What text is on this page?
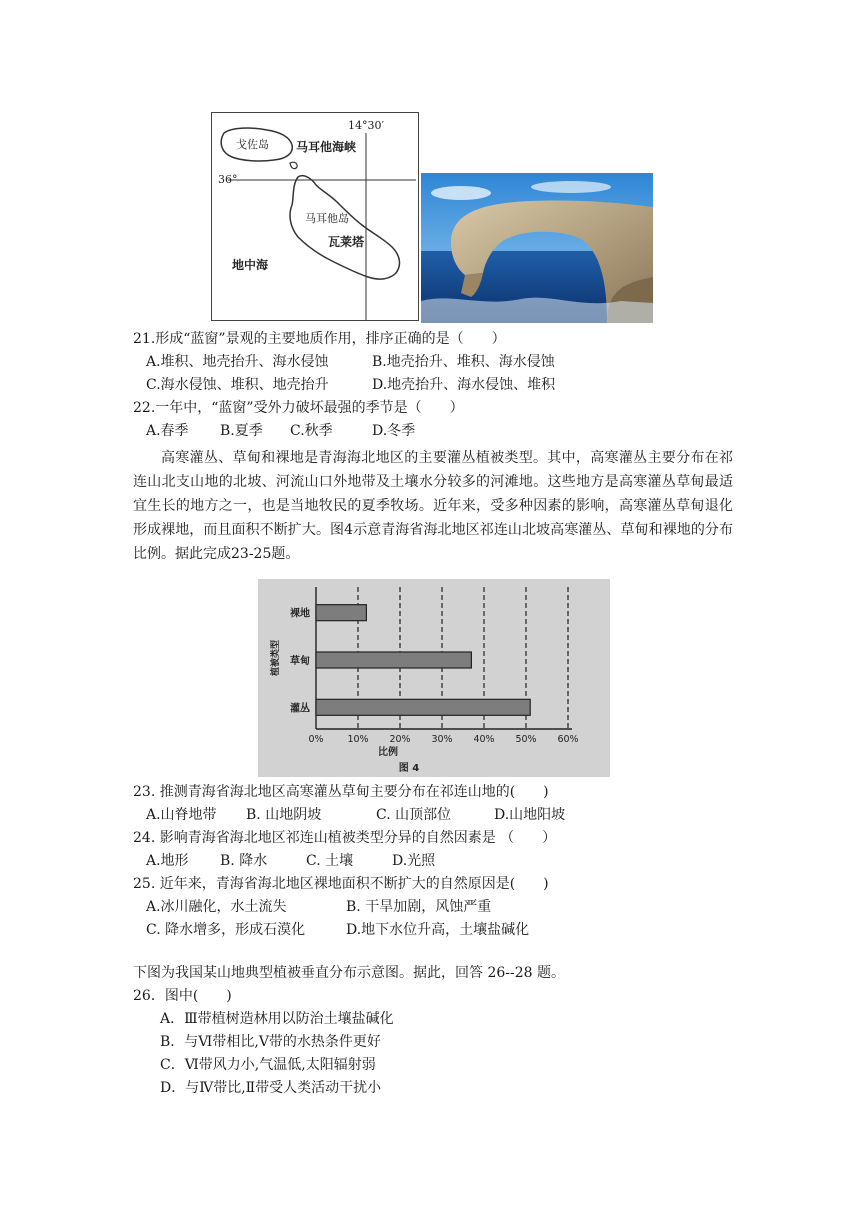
14°30′
36°
戈佐岛 马耳他海峡
马耳他岛
瓦莱塔
地中海
21.形成“蓝窗”景观的主要地质作用，排序正确的是（　　）
A.堆积、地壳抬升、海水侵蚀	B.地壳抬升、堆积、海水侵蚀
C.海水侵蚀、堆积、地壳抬升	D.地壳抬升、海水侵蚀、堆积
22.一年中，“蓝窗”受外力破坏最强的季节是（　　）
A.春季 B.夏季 C.秋季	D.冬季
高寒灌丛、草甸和裸地是青海海北地区的主要灌丛植被类型。其中，高寒灌丛主要分布在祁连山北支山地的北坡、河流山口外地带及土壤水分较多的河滩地。这些地方是高寒灌丛草甸最适宜生长的地方之一，也是当地牧民的夏季牧场。近年来，受多种因素的影响，高寒灌丛草甸退化形成裸地，而且面积不断扩大。图4示意青海省海北地区祁连山北坡高寒灌丛、草甸和裸地的分布比例。据此完成23-25题。
0%	10% 20% 30% 40% 50% 60%
裸地
草甸
灌丛
植被类型
比例
图 4
23. 推测青海省海北地区高寒灌丛草甸主要分布在祁连山地的(　　)
A.山脊地带 B. 山地阴坡	C. 山顶部位	D.山地阳坡
24. 影响青海省海北地区祁连山植被类型分异的自然因素是 （　　）
A.地形 B. 降水	C. 土壤	D.光照
25. 近年来，青海省海北地区裸地面积不断扩大的自然原因是(　　)
A.冰川融化，水土流失	B. 干旱加剧，风蚀严重
C. 降水增多，形成石漠化	D.地下水位升高，土壤盐碱化
下图为我国某山地典型植被垂直分布示意图。据此，回答 26--28 题。
26．图中(　　)
A．Ⅲ带植树造林用以防治土壤盐碱化
B．与Ⅵ带相比,Ⅴ带的水热条件更好
C．Ⅵ带风力小,气温低,太阳辐射弱
D．与Ⅳ带比,Ⅱ带受人类活动干扰小
